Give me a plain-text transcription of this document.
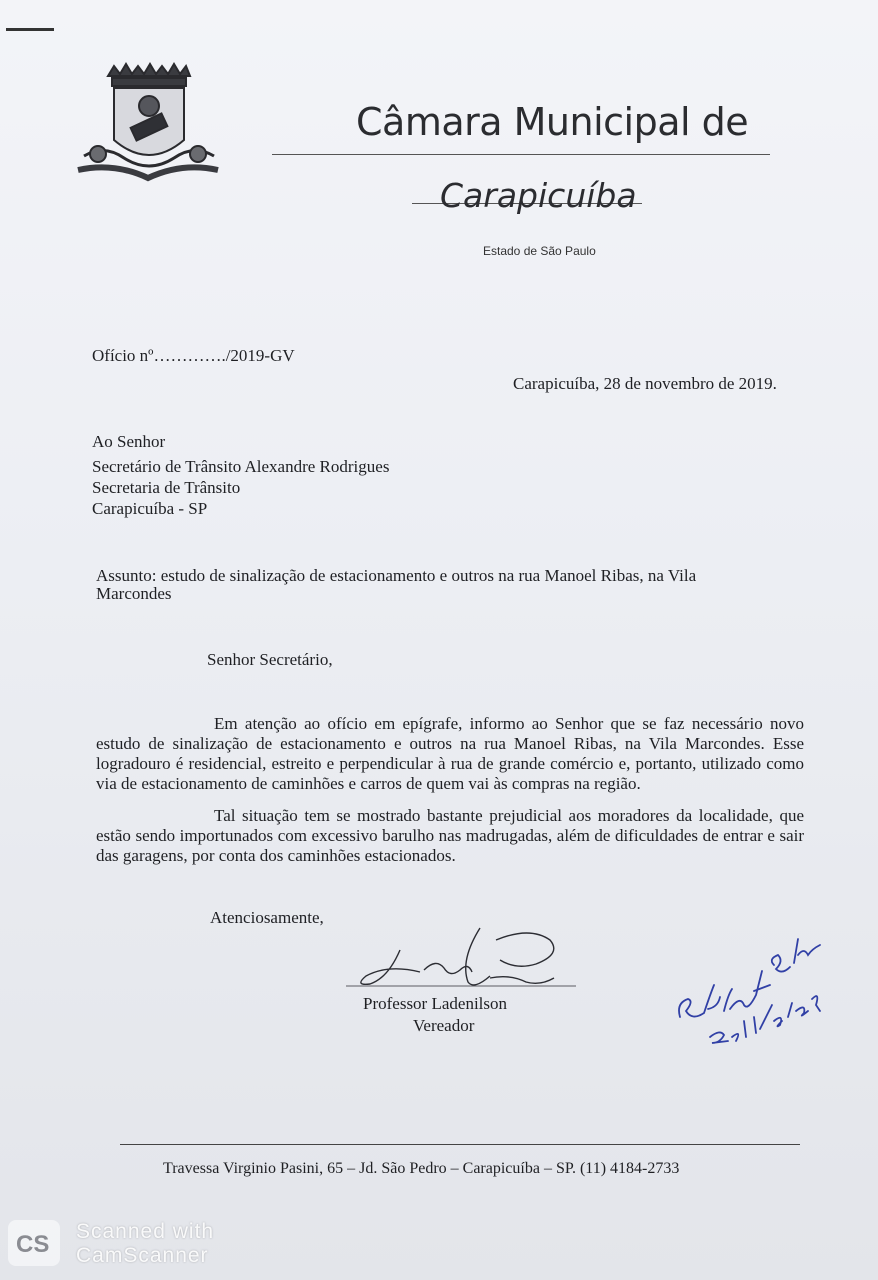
Câmara Municipal de
Carapicuíba
Estado de São Paulo
Ofício nº…………./2019-GV
Carapicuíba, 28 de novembro de 2019.
Ao Senhor
Secretário de Trânsito Alexandre Rodrigues
Secretaria de Trânsito
Carapicuíba - SP
Assunto: estudo de sinalização de estacionamento e outros na rua Manoel Ribas, na Vila
Marcondes
Senhor Secretário,
Em atenção ao ofício em epígrafe, informo ao Senhor que se faz necessário novo estudo de sinalização de estacionamento e outros na rua Manoel Ribas, na Vila Marcondes. Esse logradouro é residencial, estreito e perpendicular à rua de grande comércio e, portanto, utilizado como via de estacionamento de caminhões e carros de quem vai às compras na região.
Tal situação tem se mostrado bastante prejudicial aos moradores da localidade, que estão sendo importunados com excessivo barulho nas madrugadas, além de dificuldades de entrar e sair das garagens, por conta dos caminhões estacionados.
Atenciosamente,
Professor Ladenilson
Vereador
Travessa Virginio Pasini, 65 – Jd. São Pedro – Carapicuíba – SP. (11) 4184-2733
CS Scanned with
CamScanner
